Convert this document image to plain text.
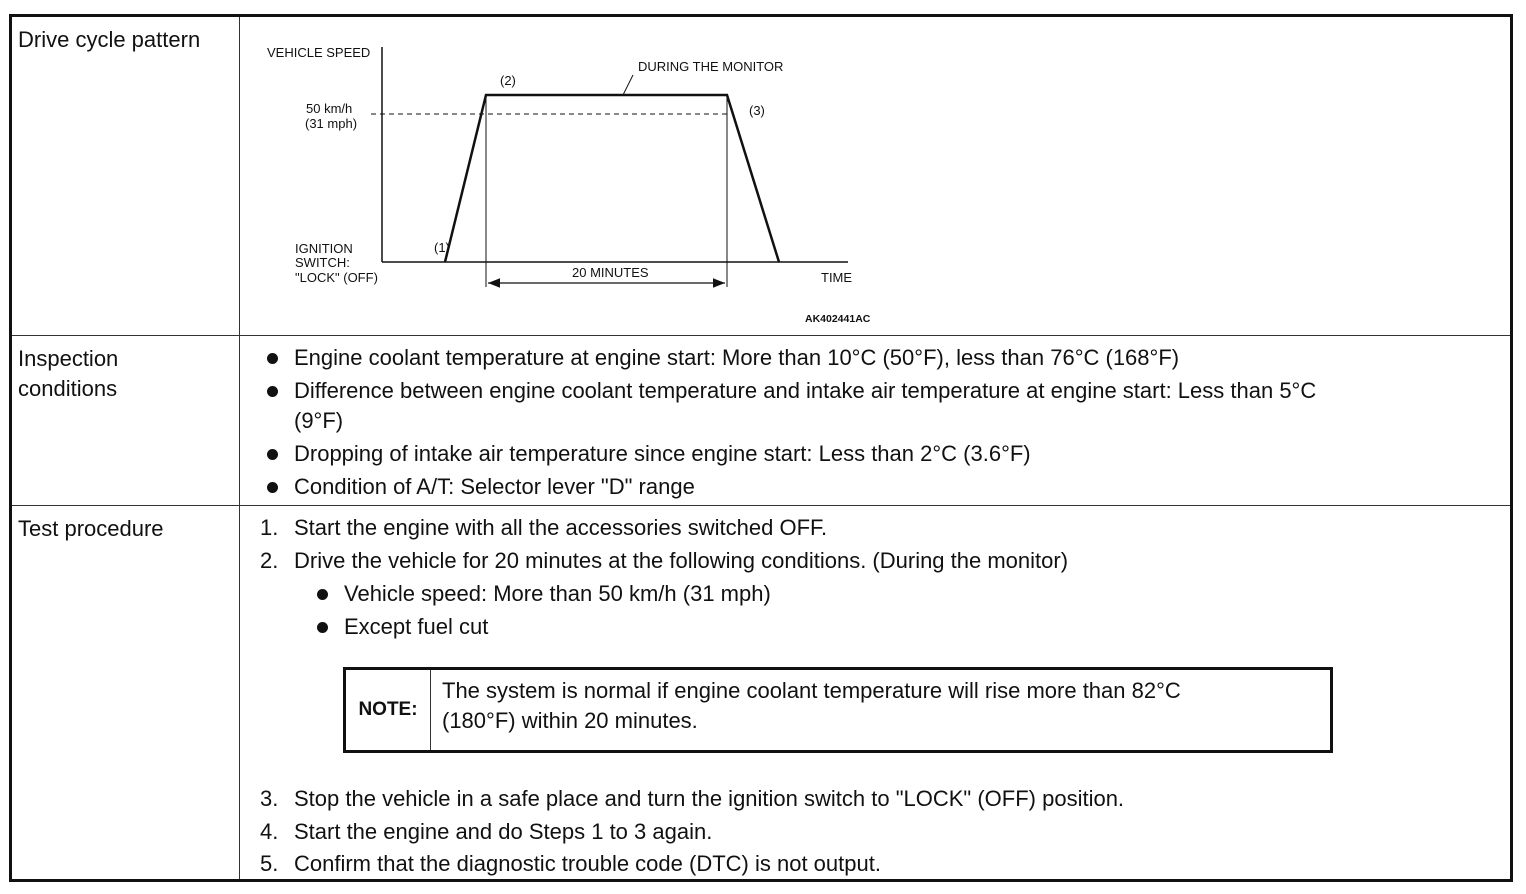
Drive cycle pattern
VEHICLE SPEED
50 km/h
(31 mph)
IGNITION
SWITCH:
"LOCK" (OFF)
(1)
(2)
(3)
DURING THE MONITOR
20 MINUTES	TIME
AK402441AC
Inspection
conditions
Engine coolant temperature at engine start: More than 10°C (50°F), less than 76°C (168°F)
Difference between engine coolant temperature and intake air temperature at engine start: Less than 5°C
(9°F)
Dropping of intake air temperature since engine start: Less than 2°C (3.6°F)
Condition of A/T: Selector lever "D" range
Test procedure	1. Start the engine with all the accessories switched OFF.
2. Drive the vehicle for 20 minutes at the following conditions. (During the monitor)
Vehicle speed: More than 50 km/h (31 mph)
Except fuel cut
3. Stop the vehicle in a safe place and turn the ignition switch to "LOCK" (OFF) position.
4. Start the engine and do Steps 1 to 3 again.
5. Confirm that the diagnostic trouble code (DTC) is not output.
NOTE:
The system is normal if engine coolant temperature will rise more than 82°C
(180°F) within 20 minutes.
